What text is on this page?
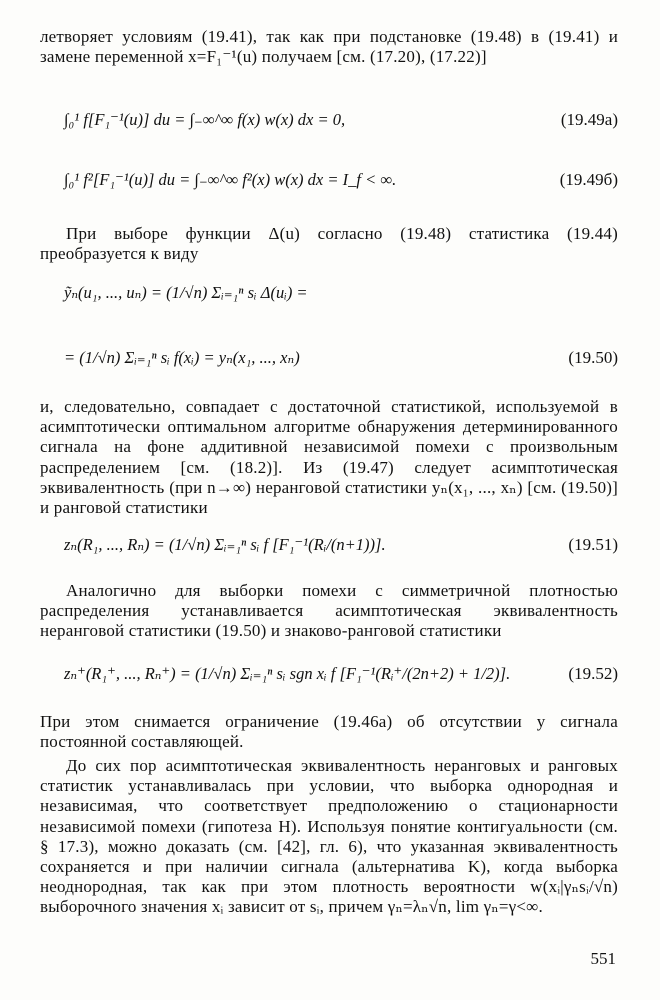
летворяет условиям (19.41), так как при подстановке (19.48) в (19.41) и замене переменной x=F₁⁻¹(u) получаем [см. (17.20), (17.22)]

∫₀¹ f[F₁⁻¹(u)] du = ∫₋∞^∞ f(x) w(x) dx = 0,	(19.49а)
∫₀¹ f²[F₁⁻¹(u)] du = ∫₋∞^∞ f²(x) w(x) dx = I_f < ∞.	(19.49б)

При выборе функции Δ(u) согласно (19.48) статистика (19.44) преобразуется к виду

ỹₙ(u₁, ..., uₙ) = (1/√n) Σᵢ₌₁ⁿ sᵢ Δ(uᵢ) =
= (1/√n) Σᵢ₌₁ⁿ sᵢ f(xᵢ) = yₙ(x₁, ..., xₙ)	(19.50)

и, следовательно, совпадает с достаточной статистикой, используемой в асимптотически оптимальном алгоритме обнаружения детерминированного сигнала на фоне аддитивной независимой помехи с произвольным распределением [см. (18.2)]. Из (19.47) следует асимптотическая эквивалентность (при n→∞) неранговой статистики yₙ(x₁, ..., xₙ) [см. (19.50)] и ранговой статистики

zₙ(R₁, ..., Rₙ) = (1/√n) Σᵢ₌₁ⁿ sᵢ f [F₁⁻¹(Rᵢ/(n+1))].	(19.51)

Аналогично для выборки помехи с симметричной плотностью распределения устанавливается асимптотическая эквивалентность неранговой статистики (19.50) и знаково-ранговой статистики

zₙ⁺(R₁⁺, ..., Rₙ⁺) = (1/√n) Σᵢ₌₁ⁿ sᵢ sgn xᵢ f [F₁⁻¹(Rᵢ⁺/(2n+2) + 1/2)].	(19.52)

При этом снимается ограничение (19.46а) об отсутствии у сигнала постоянной составляющей.

До сих пор асимптотическая эквивалентность неранговых и ранговых статистик устанавливалась при условии, что выборка однородная и независимая, что соответствует предположению о стационарности независимой помехи (гипотеза H). Используя понятие контигуальности (см. § 17.3), можно доказать (см. [42], гл. 6), что указанная эквивалентность сохраняется и при наличии сигнала (альтернатива K), когда выборка неоднородная, так как при этом плотность вероятности w(xᵢ|γₙsᵢ/√n) выборочного значения xᵢ зависит от sᵢ, причем γₙ=λₙ√n, lim γₙ=γ<∞.

551
